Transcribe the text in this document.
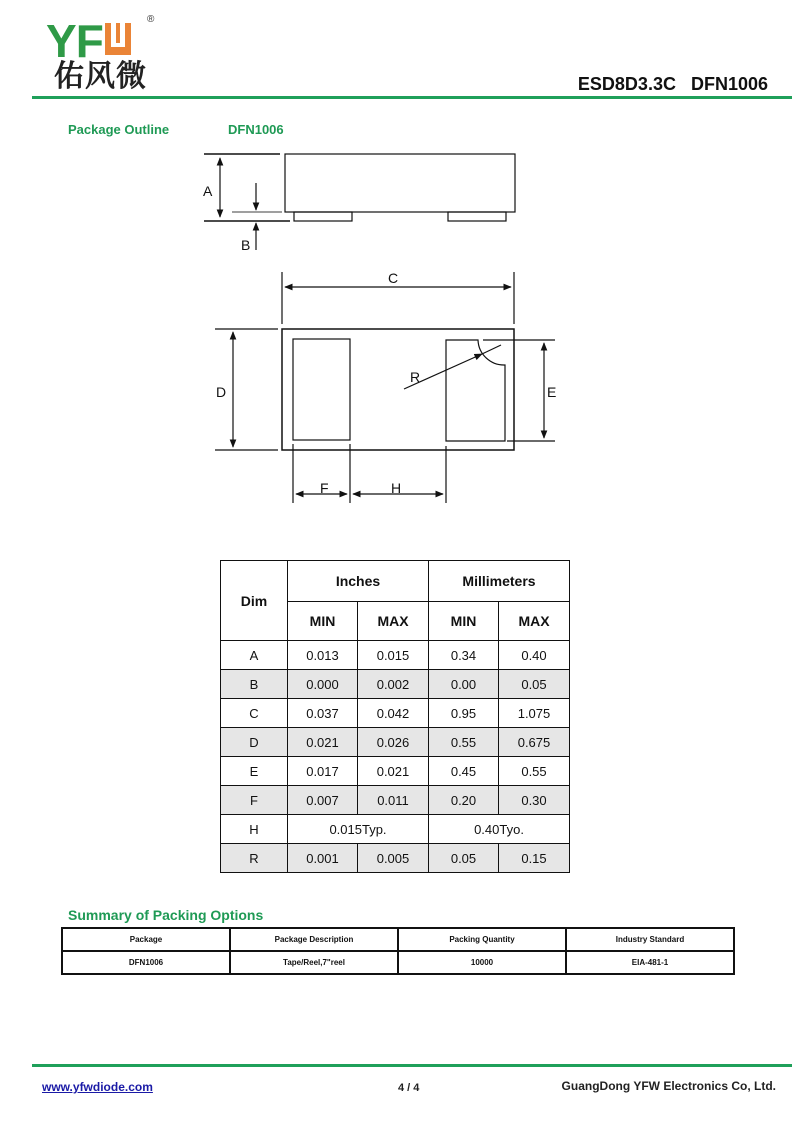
YF	®
佑风微	ESD8D3.3C   DFN1006
Package Outline	DFN1006
A
B
C
D	E
R
F	H
Dim	Inches		Millimeters	
	MIN	MAX	MIN	MAX
A	0.013	0.015	0.34	0.40
B	0.000	0.002	0.00	0.05
C	0.037	0.042	0.95	1.075
D	0.021	0.026	0.55	0.675
E	0.017	0.021	0.45	0.55
F	0.007	0.011	0.20	0.30
H	0.015Typ.		0.40Tyo.	
R	0.001	0.005	0.05	0.15
Summary of Packing Options
Package	Package Description	Packing Quantity	Industry Standard
DFN1006	Tape/Reel,7"reel	10000	EIA-481-1
www.yfwdiode.com	4 / 4	GuangDong YFW Electronics Co, Ltd.
